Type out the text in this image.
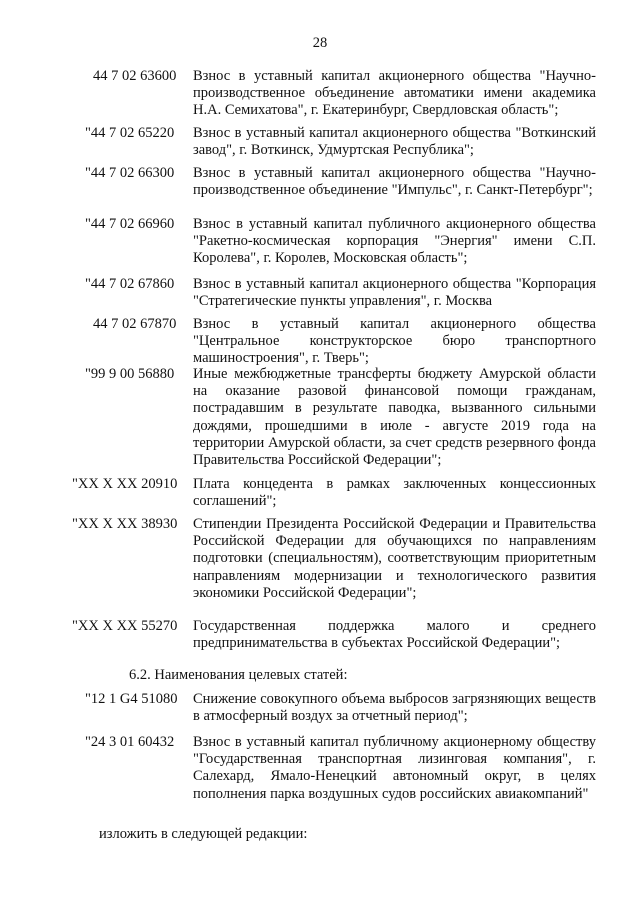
28
44 7 02 63600 Взнос в уставный капитал акционерного общества "Научно-производственное объединение автоматики имени академика Н.А. Семихатова", г. Екатеринбург, Свердловская область";
"44 7 02 65220 Взнос в уставный капитал акционерного общества "Воткинский завод", г. Воткинск, Удмуртская Республика";
"44 7 02 66300 Взнос в уставный капитал акционерного общества "Научно-производственное объединение "Импульс", г. Санкт-Петербург";
"44 7 02 66960 Взнос в уставный капитал публичного акционерного общества "Ракетно-космическая корпорация "Энергия" имени С.П. Королева", г. Королев, Московская область";
"44 7 02 67860 Взнос в уставный капитал акционерного общества "Корпорация "Стратегические пункты управления", г. Москва
44 7 02 67870 Взнос в уставный капитал акционерного общества "Центральное конструкторское бюро транспортного машиностроения", г. Тверь";
"99 9 00 56880 Иные межбюджетные трансферты бюджету Амурской области на оказание разовой финансовой помощи гражданам, пострадавшим в результате паводка, вызванного сильными дождями, прошедшими в июле - августе 2019 года на территории Амурской области, за счет средств резервного фонда Правительства Российской Федерации";
"XX X XX 20910 Плата концедента в рамках заключенных концессионных соглашений";
"XX X XX 38930 Стипендии Президента Российской Федерации и Правительства Российской Федерации для обучающихся по направлениям подготовки (специальностям), соответствующим приоритетным направлениям модернизации и технологического развития экономики Российской Федерации";
"XX X XX 55270 Государственная поддержка малого и среднего предпринимательства в субъектах Российской Федерации";
6.2. Наименования целевых статей:
"12 1 G4 51080 Снижение совокупного объема выбросов загрязняющих веществ в атмосферный воздух за отчетный период";
"24 3 01 60432 Взнос в уставный капитал публичному акционерному обществу "Государственная транспортная лизинговая компания", г. Салехард, Ямало-Ненецкий автономный округ, в целях пополнения парка воздушных судов российских авиакомпаний"
изложить в следующей редакции:
